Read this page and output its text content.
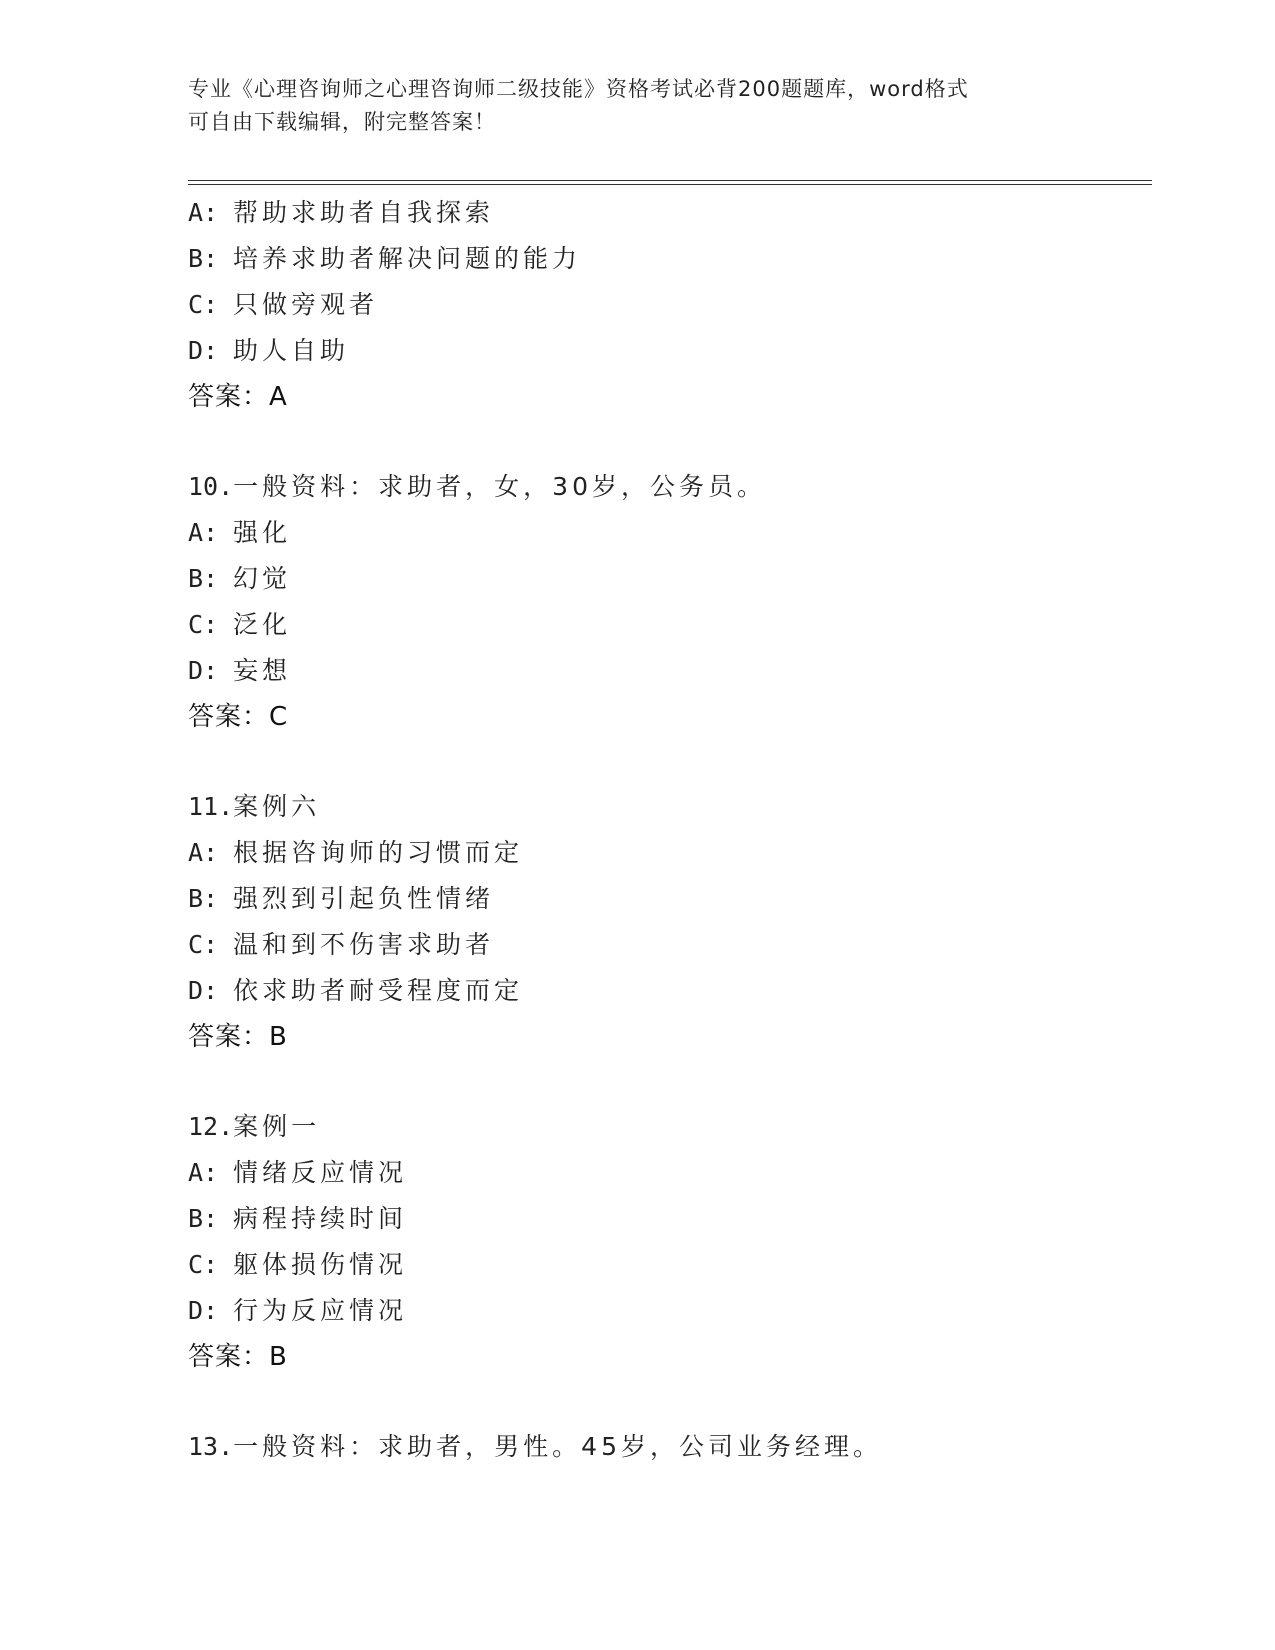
专业《心理咨询师之心理咨询师二级技能》资格考试必背200题题库，word格式
可自由下载编辑，附完整答案！
A: 帮助求助者自我探索
B: 培养求助者解决问题的能力
C: 只做旁观者
D: 助人自助
答案：A
10.一般资料：求助者，女，30岁，公务员。
A: 强化
B: 幻觉
C: 泛化
D: 妄想
答案：C
11.案例六
A: 根据咨询师的习惯而定
B: 强烈到引起负性情绪
C: 温和到不伤害求助者
D: 依求助者耐受程度而定
答案：B
12.案例一
A: 情绪反应情况
B: 病程持续时间
C: 躯体损伤情况
D: 行为反应情况
答案：B
13.一般资料：求助者，男性。45岁，公司业务经理。
